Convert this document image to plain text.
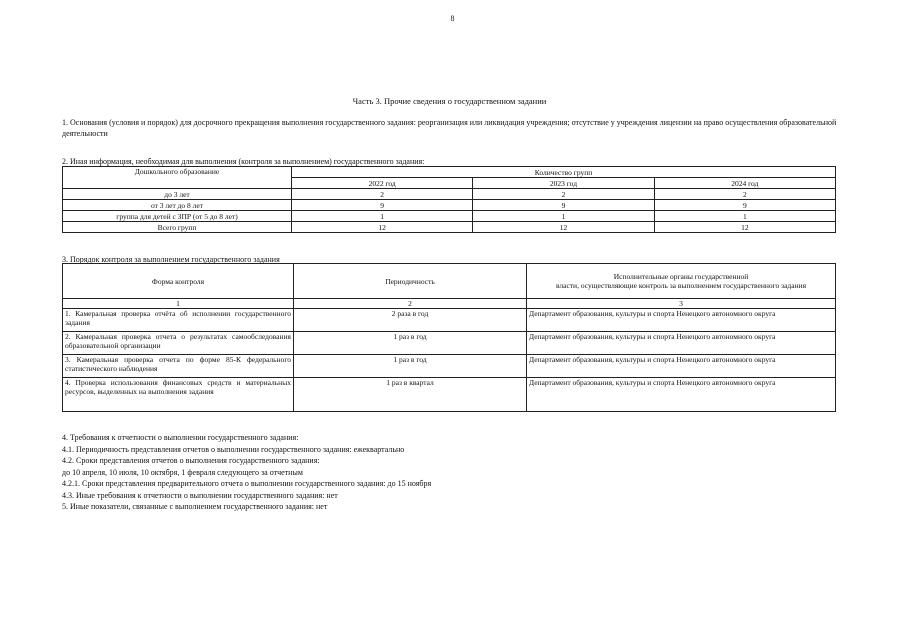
8
Часть 3. Прочие сведения о государственном задании
1. Основания (условия и порядок) для досрочного прекращения выполнения государственного задания: реорганизация или ликвидация учреждения; отсутствие у учреждения лицензии на право осуществления образовательной деятельности
2. Иная информация, необходимая для выполнения (контроля за выполнением) государственного задания:
Дошкольного образование	Количество групп		
	2022 год	2023 год	2024 год
до 3 лет	2	2	2
от 3 лет до 8 лет	9	9	9
группа для детей с ЗПР (от 5 до 8 лет)	1	1	1
Всего групп	12	12	12
3. Порядок контроля за выполнением государственного задания
Форма контроля	Периодичность	Исполнительные органы государственной
власти, осуществляющие контроль за выполнением государственного задания

1	2	3
1. Камеральная проверка отчёта об исполнении государственного задания	2 раза в год	Департамент образования, культуры и спорта Ненецкого автономного округа
2. Камеральная проверка отчета о результатах самообследования образовательной организации	1 раз в год	Департамент образования, культуры и спорта Ненецкого автономного округа
3. Камеральная проверка отчета по форме 85-К федерального статистического наблюдения	1 раз в год	Департамент образования, культуры и спорта Ненецкого автономного округа
4. Проверка использования финансовых средств и материальных ресурсов, выделенных на выполнения задания	1 раз в квартал	Департамент образования, культуры и спорта Ненецкого автономного округа
4. Требования к отчетности о выполнении государственного задания:
4.1. Периодичность представления отчетов о выполнении государственного задания: ежеквартально
4.2. Сроки представления отчетов о выполнения государственного задания:
до 10 апреля, 10 июля, 10 октября, 1 февраля следующего за отчетным
4.2.1. Сроки представления предварительного отчета о выполнении государственного задания: до 15 ноября
4.3. Иные требования к отчетности о выполнении государственного задания: нет
5. Иные показатели, связанные с выполнением государственного задания: нет
